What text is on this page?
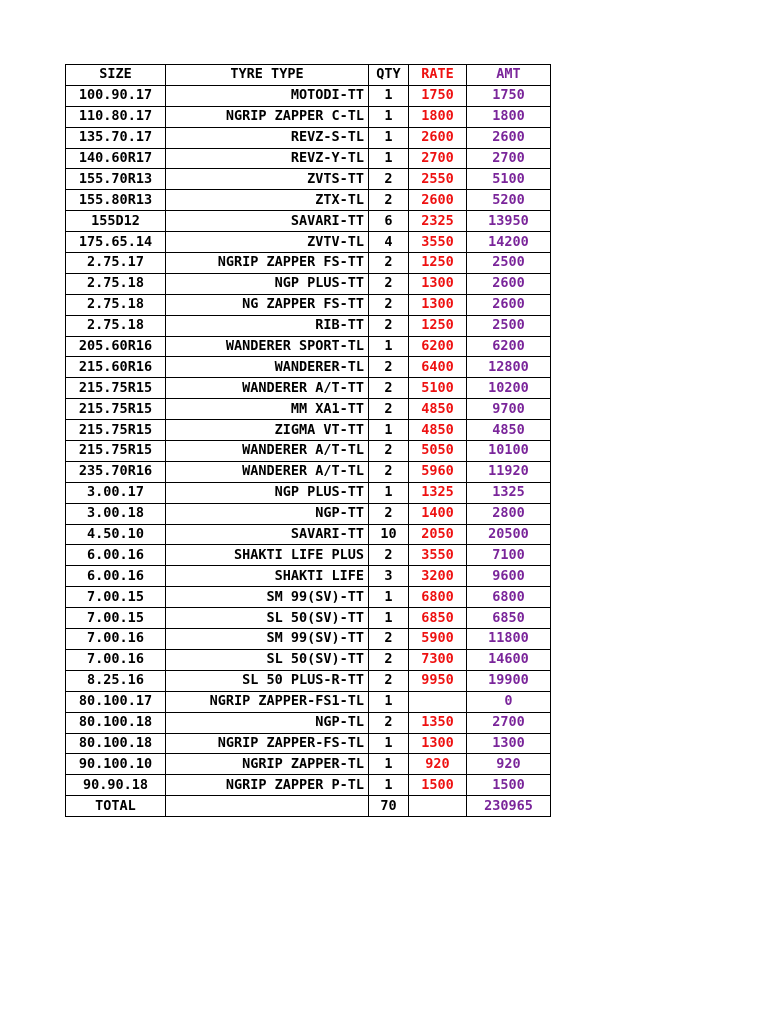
SIZE	TYRE TYPE	QTY	RATE	AMT
100.90.17	MOTODI-TT	1	1750	1750
110.80.17	NGRIP ZAPPER C-TL	1	1800	1800
135.70.17	REVZ-S-TL	1	2600	2600
140.60R17	REVZ-Y-TL	1	2700	2700
155.70R13	ZVTS-TT	2	2550	5100
155.80R13	ZTX-TL	2	2600	5200
155D12	SAVARI-TT	6	2325	13950
175.65.14	ZVTV-TL	4	3550	14200
2.75.17	NGRIP ZAPPER FS-TT	2	1250	2500
2.75.18	NGP PLUS-TT	2	1300	2600
2.75.18	NG ZAPPER FS-TT	2	1300	2600
2.75.18	RIB-TT	2	1250	2500
205.60R16	WANDERER SPORT-TL	1	6200	6200
215.60R16	WANDERER-TL	2	6400	12800
215.75R15	WANDERER A/T-TT	2	5100	10200
215.75R15	MM XA1-TT	2	4850	9700
215.75R15	ZIGMA VT-TT	1	4850	4850
215.75R15	WANDERER A/T-TL	2	5050	10100
235.70R16	WANDERER A/T-TL	2	5960	11920
3.00.17	NGP PLUS-TT	1	1325	1325
3.00.18	NGP-TT	2	1400	2800
4.50.10	SAVARI-TT	10	2050	20500
6.00.16	SHAKTI LIFE PLUS	2	3550	7100
6.00.16	SHAKTI LIFE	3	3200	9600
7.00.15	SM 99(SV)-TT	1	6800	6800
7.00.15	SL 50(SV)-TT	1	6850	6850
7.00.16	SM 99(SV)-TT	2	5900	11800
7.00.16	SL 50(SV)-TT	2	7300	14600
8.25.16	SL 50 PLUS-R-TT	2	9950	19900
80.100.17	NGRIP ZAPPER-FS1-TL	1		0
80.100.18	NGP-TL	2	1350	2700
80.100.18	NGRIP ZAPPER-FS-TL	1	1300	1300
90.100.10	NGRIP ZAPPER-TL	1	920	920
90.90.18	NGRIP ZAPPER P-TL	1	1500	1500
TOTAL		70		230965
